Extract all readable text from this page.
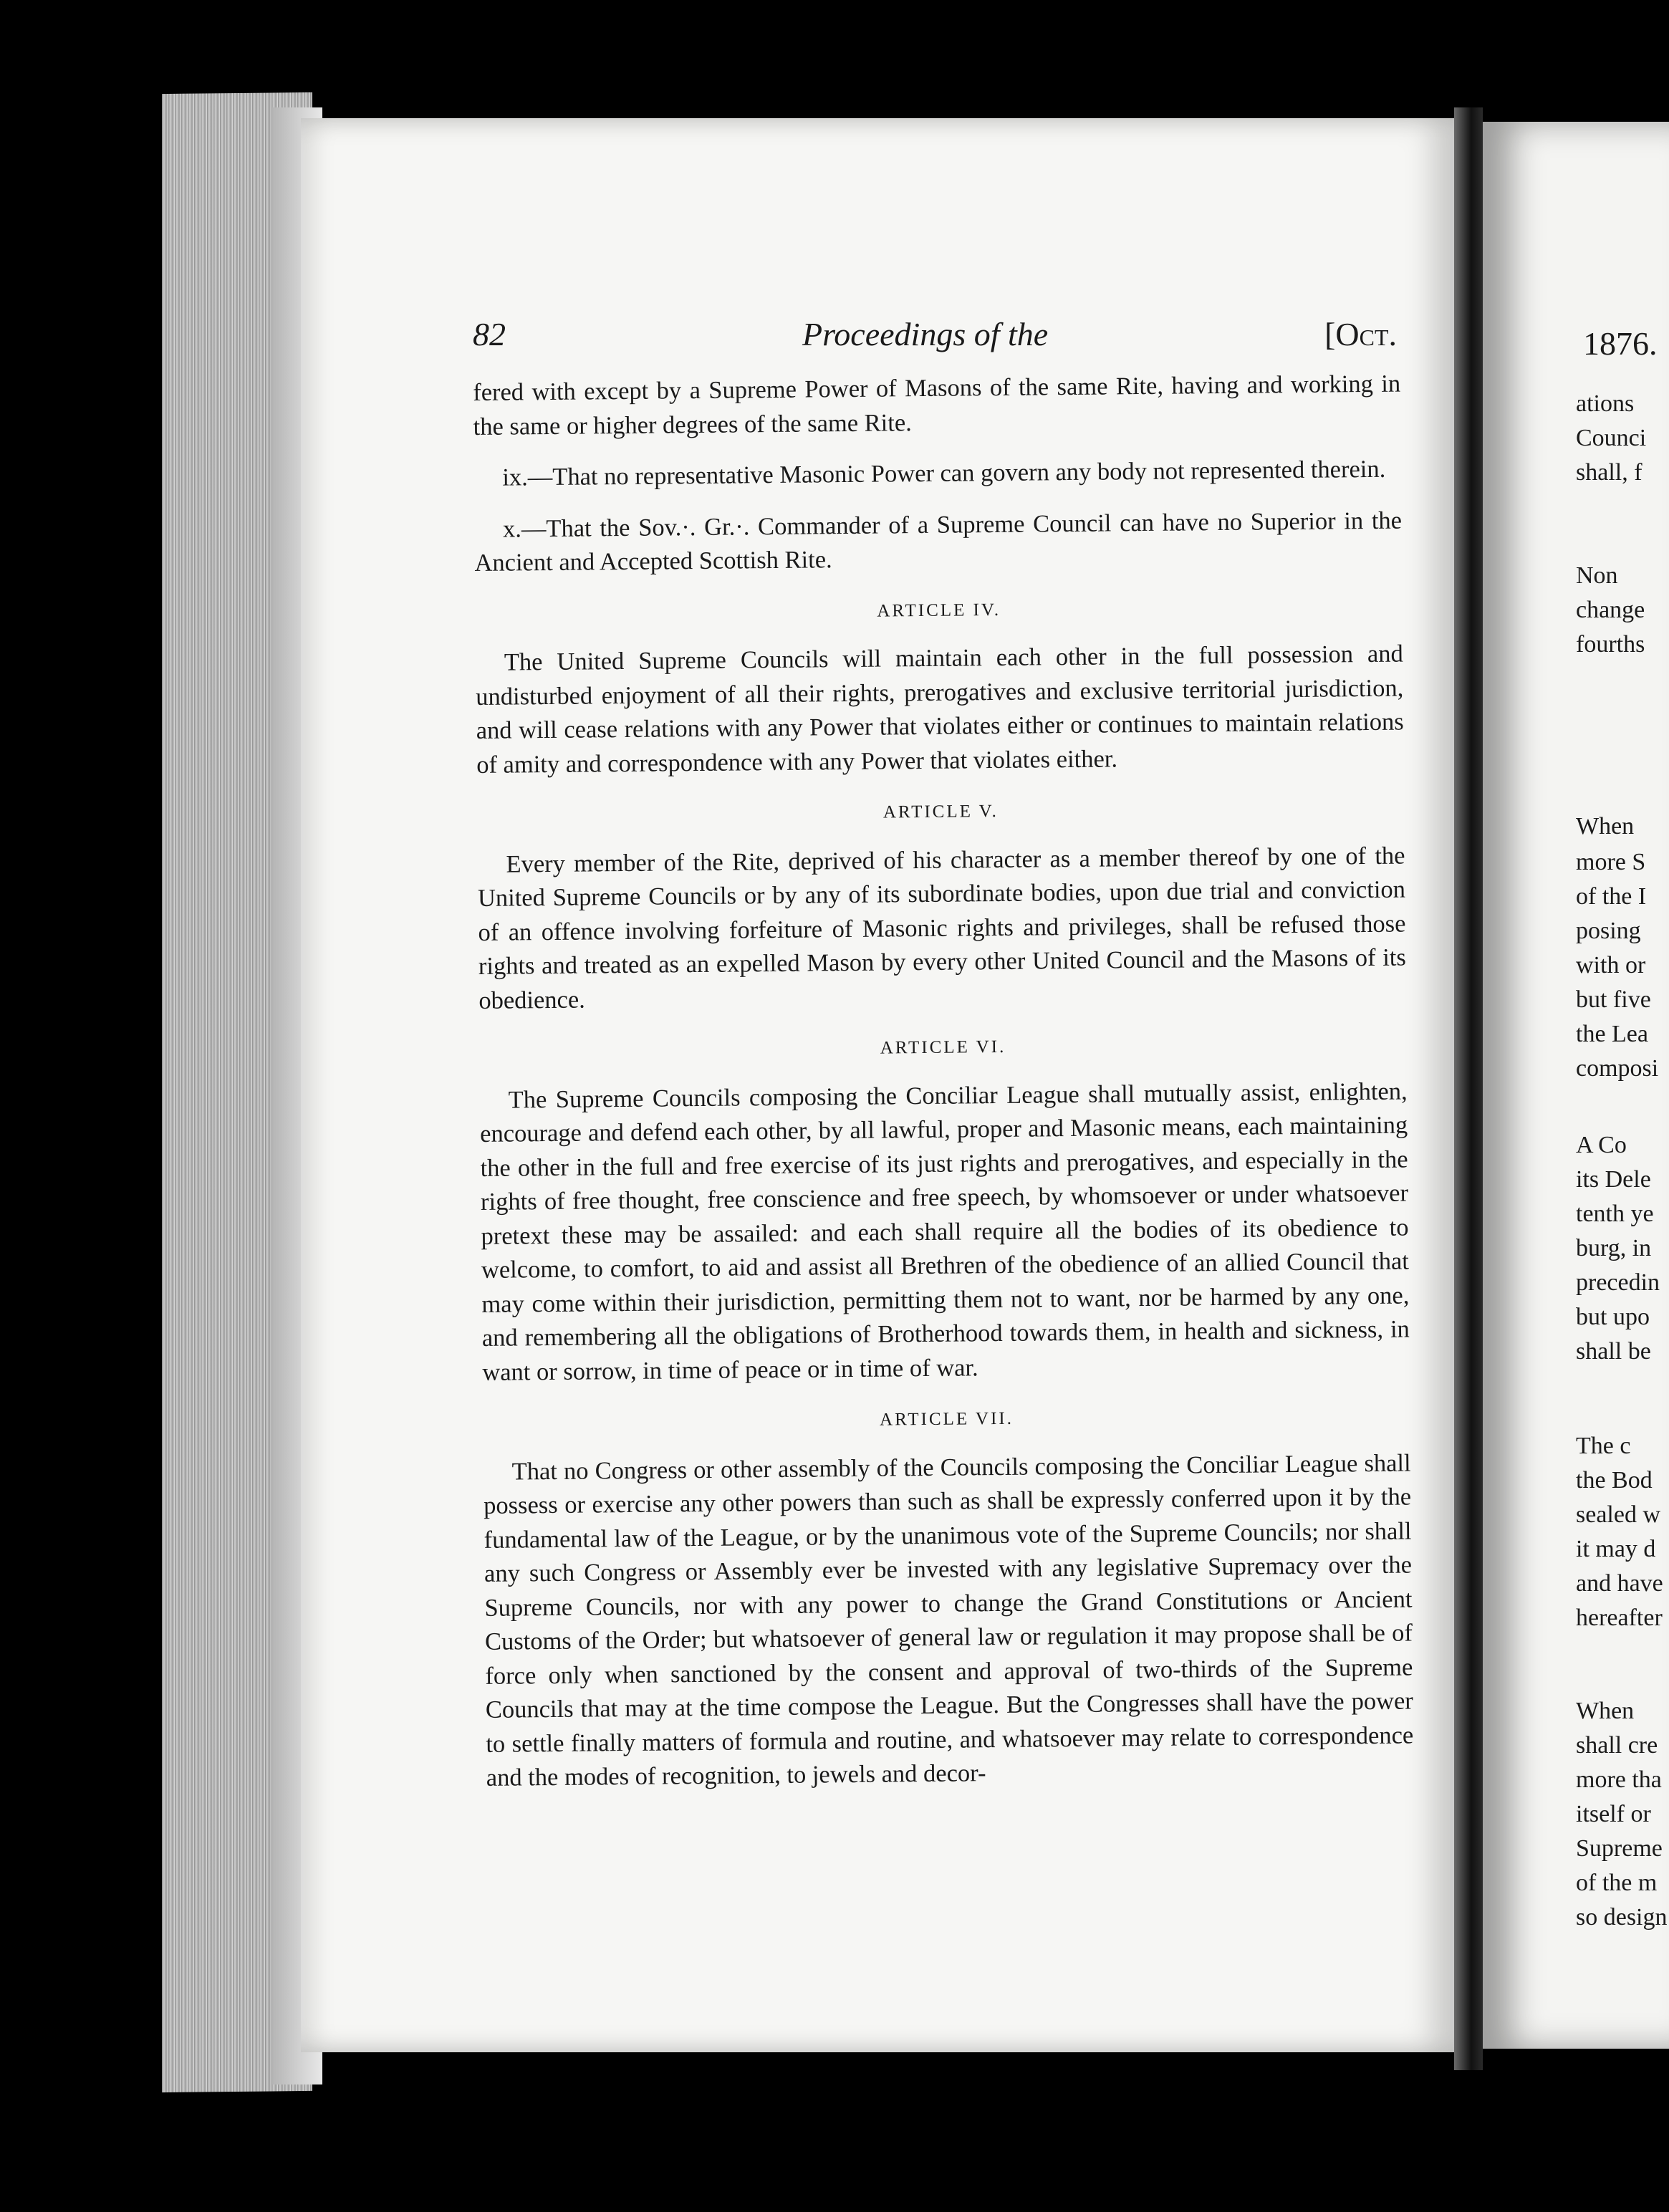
82	Proceedings of the	[Oct.

fered with except by a Supreme Power of Masons of the same Rite, having and working in the same or higher degrees of the same Rite.

ix.—That no representative Masonic Power can govern any body not represented therein.

x.—That the Sov.·. Gr.·. Commander of a Supreme Council can have no Superior in the Ancient and Accepted Scottish Rite.

ARTICLE IV.

The United Supreme Councils will maintain each other in the full possession and undisturbed enjoyment of all their rights, prerogatives and exclusive territorial jurisdiction, and will cease relations with any Power that violates either or continues to maintain relations of amity and correspondence with any Power that violates either.

ARTICLE V.

Every member of the Rite, deprived of his character as a member thereof by one of the United Supreme Councils or by any of its subordinate bodies, upon due trial and conviction of an offence involving forfeiture of Masonic rights and privileges, shall be refused those rights and treated as an expelled Mason by every other United Council and the Masons of its obedience.

ARTICLE VI.

The Supreme Councils composing the Conciliar League shall mutually assist, enlighten, encourage and defend each other, by all lawful, proper and Masonic means, each maintaining the other in the full and free exercise of its just rights and prerogatives, and especially in the rights of free thought, free conscience and free speech, by whomsoever or under whatsoever pretext these may be assailed: and each shall require all the bodies of its obedience to welcome, to comfort, to aid and assist all Brethren of the obedience of an allied Council that may come within their jurisdiction, permitting them not to want, nor be harmed by any one, and remembering all the obligations of Brotherhood towards them, in health and sickness, in want or sorrow, in time of peace or in time of war.

ARTICLE VII.

That no Congress or other assembly of the Councils composing the Conciliar League shall possess or exercise any other powers than such as shall be expressly conferred upon it by the fundamental law of the League, or by the unanimous vote of the Supreme Councils; nor shall any such Congress or Assembly ever be invested with any legislative Supremacy over the Supreme Councils, nor with any power to change the Grand Constitutions or Ancient Customs of the Order; but whatsoever of general law or regulation it may propose shall be of force only when sanctioned by the consent and approval of two-thirds of the Supreme Councils that may at the time compose the League. But the Congresses shall have the power to settle finally matters of formula and routine, and whatsoever may relate to correspondence and the modes of recognition, to jewels and decor-

1876.
ations
Counci
shall, f
Non
change
fourths
When
more S
of the I
posing
with or
but five
the Lea
composi
A Co
its Dele
tenth ye
burg, in
precedin
but upo
shall be
The c
the Bod
sealed w
it may d
and have
hereafter
When
shall cre
more tha
itself or
Supreme
of the m
so design
